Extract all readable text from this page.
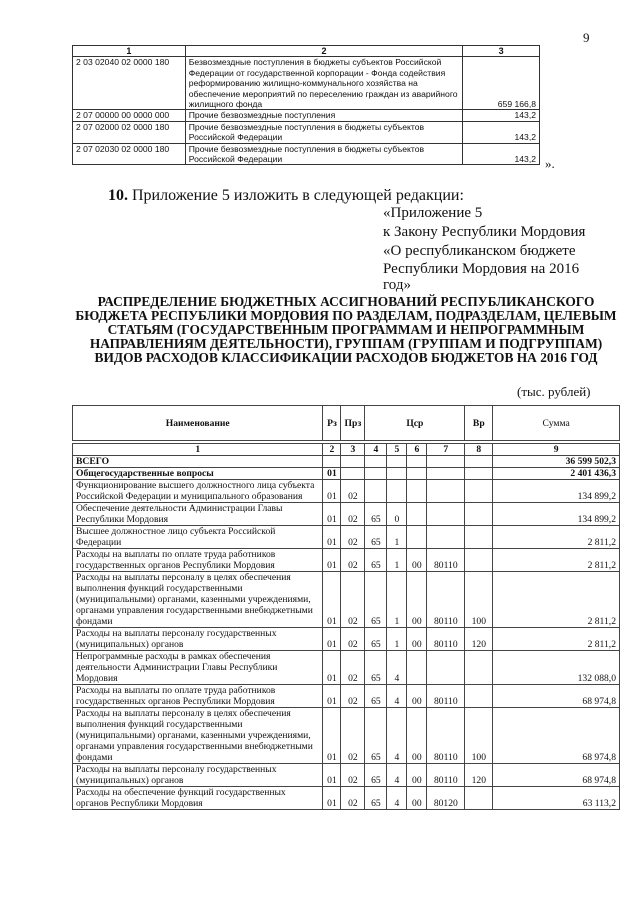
9
1	2	3
2 03 02040 02 0000 180	Безвозмездные поступления в бюджеты субъектов Российской Федерации от государственной корпорации - Фонда содействия реформированию жилищно-коммунального хозяйства на обеспечение мероприятий по переселению граждан из аварийного жилищного фонда	659 166,8
2 07 00000 00 0000 000	Прочие безвозмездные поступления	143,2
2 07 02000 02 0000 180	Прочие безвозмездные поступления в бюджеты субъектов Российской Федерации	143,2
2 07 02030 02 0000 180	Прочие безвозмездные поступления в бюджеты субъектов Российской Федерации	143,2 ».
10. Приложение 5 изложить в следующей редакции:
«Приложение 5
к Закону Республики Мордовия
«О республиканском бюджете
Республики Мордовия на 2016
год»
РАСПРЕДЕЛЕНИЕ БЮДЖЕТНЫХ АССИГНОВАНИЙ РЕСПУБЛИКАНСКОГО БЮДЖЕТА РЕСПУБЛИКИ МОРДОВИЯ ПО РАЗДЕЛАМ, ПОДРАЗДЕЛАМ, ЦЕЛЕВЫМ СТАТЬЯМ (ГОСУДАРСТВЕННЫМ ПРОГРАММАМ И НЕПРОГРАММНЫМ НАПРАВЛЕНИЯМ ДЕЯТЕЛЬНОСТИ), ГРУППАМ (ГРУППАМ И ПОДГРУППАМ) ВИДОВ РАСХОДОВ КЛАССИФИКАЦИИ РАСХОДОВ БЮДЖЕТОВ НА 2016 ГОД
(тыс. рублей)
Наименование	Рз	Прз	Цср				Вр	Сумма

1	2	3	4	5	6	7	8	9
ВСЕГО								36 599 502,3
Общегосударственные вопросы	01							2 401 436,3
Функционирование высшего должностного лица субъекта Российской Федерации и муниципального образования	01	02						134 899,2
Обеспечение деятельности Администрации Главы Республики Мордовия	01	02	65	0				134 899,2
Высшее должностное лицо субъекта Российской Федерации	01	02	65	1				2 811,2
Расходы на выплаты по оплате труда работников государственных органов Республики Мордовия	01	02	65	1	00	80110		2 811,2
Расходы на выплаты персоналу в целях обеспечения выполнения функций государственными (муниципальными) органами, казенными учреждениями, органами управления государственными внебюджетными фондами	01	02	65	1	00	80110	100	2 811,2
Расходы на выплаты персоналу государственных (муниципальных) органов	01	02	65	1	00	80110	120	2 811,2
Непрограммные расходы в рамках обеспечения деятельности Администрации Главы Республики Мордовия	01	02	65	4				132 088,0
Расходы на выплаты по оплате труда работников государственных органов Республики Мордовия	01	02	65	4	00	80110		68 974,8
Расходы на выплаты персоналу в целях обеспечения выполнения функций государственными (муниципальными) органами, казенными учреждениями, органами управления государственными внебюджетными фондами	01	02	65	4	00	80110	100	68 974,8
Расходы на выплаты персоналу государственных (муниципальных) органов	01	02	65	4	00	80110	120	68 974,8
Расходы на обеспечение функций государственных органов Республики Мордовия	01	02	65	4	00	80120		63 113,2
